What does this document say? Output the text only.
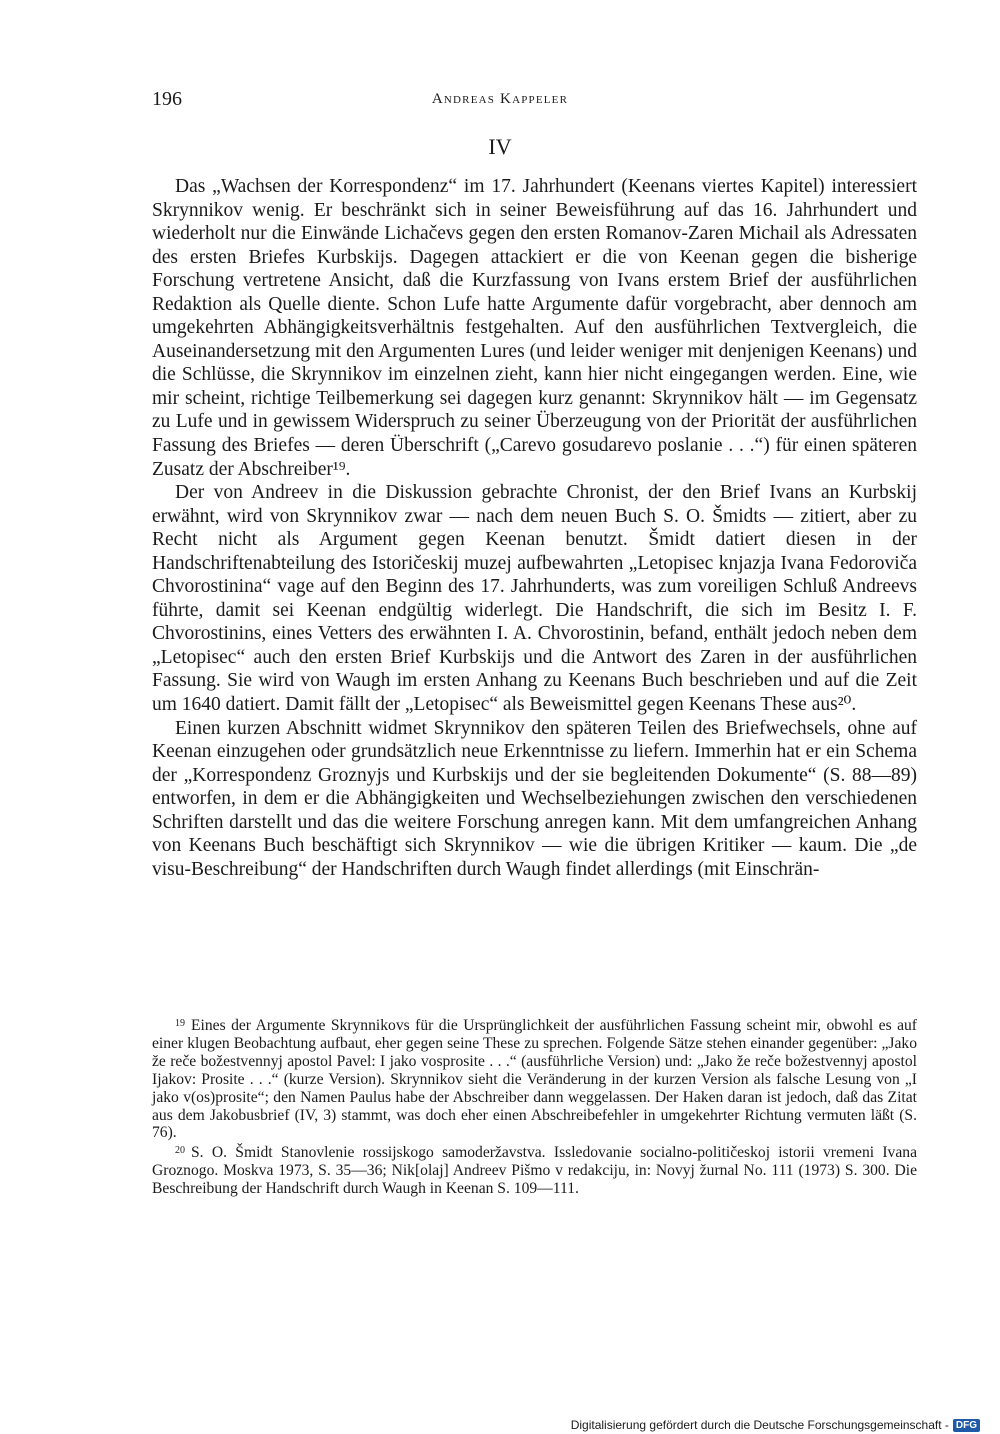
196	Andreas Kappeler
IV

Das „Wachsen der Korrespondenz“ im 17. Jahrhundert (Keenans viertes Kapitel) interessiert Skrynnikov wenig. Er beschränkt sich in seiner Beweisführung auf das 16. Jahrhundert und wiederholt nur die Einwände Lichačevs gegen den ersten Romanov-Zaren Michail als Adressaten des ersten Briefes Kurbskijs. Dagegen attackiert er die von Keenan gegen die bisherige Forschung vertretene Ansicht, daß die Kurzfassung von Ivans erstem Brief der ausführlichen Redaktion als Quelle diente. Schon Lufe hatte Argumente dafür vorgebracht, aber dennoch am umgekehrten Abhängigkeitsverhältnis festgehalten. Auf den ausführlichen Textvergleich, die Auseinandersetzung mit den Argumenten Lures (und leider weniger mit denjenigen Keenans) und die Schlüsse, die Skrynnikov im einzelnen zieht, kann hier nicht eingegangen werden. Eine, wie mir scheint, richtige Teilbemerkung sei dagegen kurz genannt: Skrynnikov hält — im Gegensatz zu Lufe und in gewissem Widerspruch zu seiner Überzeugung von der Priorität der ausführlichen Fassung des Briefes — deren Überschrift („Carevo gosudarevo poslanie . . .“) für einen späteren Zusatz der Abschreiber¹⁹.

Der von Andreev in die Diskussion gebrachte Chronist, der den Brief Ivans an Kurbskij erwähnt, wird von Skrynnikov zwar — nach dem neuen Buch S. O. Šmidts — zitiert, aber zu Recht nicht als Argument gegen Keenan benutzt. Šmidt datiert diesen in der Handschriftenabteilung des Istoričeskij muzej aufbewahrten „Letopisec knjazja Ivana Fedoroviča Chvorostinina“ vage auf den Beginn des 17. Jahrhunderts, was zum voreiligen Schluß Andreevs führte, damit sei Keenan endgültig widerlegt. Die Handschrift, die sich im Besitz I. F. Chvorostinins, eines Vetters des erwähnten I. A. Chvorostinin, befand, enthält jedoch neben dem „Letopisec“ auch den ersten Brief Kurbskijs und die Antwort des Zaren in der ausführlichen Fassung. Sie wird von Waugh im ersten Anhang zu Keenans Buch beschrieben und auf die Zeit um 1640 datiert. Damit fällt der „Letopisec“ als Beweismittel gegen Keenans These aus²⁰.

Einen kurzen Abschnitt widmet Skrynnikov den späteren Teilen des Briefwechsels, ohne auf Keenan einzugehen oder grundsätzlich neue Erkenntnisse zu liefern. Immerhin hat er ein Schema der „Korrespondenz Groznyjs und Kurbskijs und der sie begleitenden Dokumente“ (S. 88—89) entworfen, in dem er die Abhängigkeiten und Wechselbeziehungen zwischen den verschiedenen Schriften darstellt und das die weitere Forschung anregen kann. Mit dem umfangreichen Anhang von Keenans Buch beschäftigt sich Skrynnikov — wie die übrigen Kritiker — kaum. Die „de visu-Beschreibung“ der Handschriften durch Waugh findet allerdings (mit Einschrän-

$^{19}$ Eines der Argumente Skrynnikovs für die Ursprünglichkeit der ausführlichen Fassung scheint mir, obwohl es auf einer klugen Beobachtung aufbaut, eher gegen seine These zu sprechen. Folgende Sätze stehen einander gegenüber: „Jako že reče božestvennyj apostol Pavel: I jako vosprosite . . .“ (ausführliche Version) und: „Jako že reče božestvennyj apostol Ijakov: Prosite . . .“ (kurze Version). Skrynnikov sieht die Veränderung in der kurzen Version als falsche Lesung von „I jako v(os)prosite“; den Namen Paulus habe der Abschreiber dann weggelassen. Der Haken daran ist jedoch, daß das Zitat aus dem Jakobusbrief (IV, 3) stammt, was doch eher einen Abschreibefehler in umgekehrter Richtung vermuten läßt (S. 76).

$^{20}$ S. O. Šmidt Stanovlenie rossijskogo samoderžavstva. Issledovanie socialno-političeskoj istorii vremeni Ivana Groznogo. Moskva 1973, S. 35—36; Nik[olaj] Andreev Pišmo v redakciju, in: Novyj žurnal No. 111 (1973) S. 300. Die Beschreibung der Handschrift durch Waugh in Keenan S. 109—111.

Digitalisierung gefördert durch die Deutsche Forschungsgemeinschaft - DFG
